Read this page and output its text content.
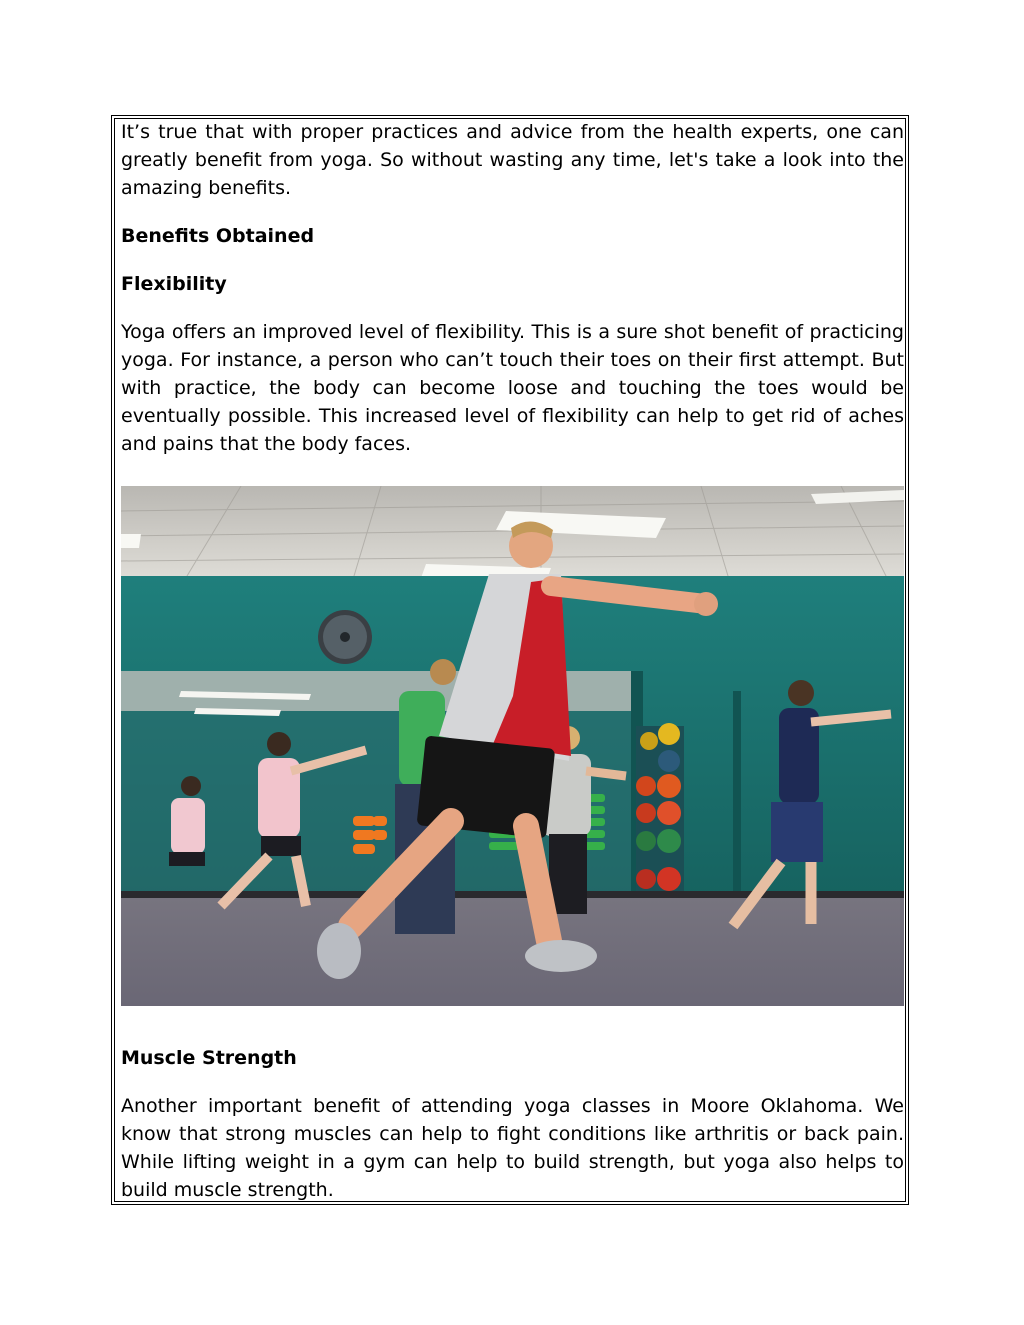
It’s true that with proper practices and advice from the health experts, one can greatly benefit from yoga. So without wasting any time, let's take a look into the amazing benefits.

Benefits Obtained
Flexibility

Yoga offers an improved level of flexibility. This is a sure shot benefit of practicing yoga. For instance, a person who can’t touch their toes on their first attempt. But with practice, the body can become loose and touching the toes would be eventually possible. This increased level of flexibility can help to get rid of aches and pains that the body faces.

Muscle Strength

Another important benefit of attending yoga classes in Moore Oklahoma. We know that strong muscles can help to fight conditions like arthritis or back pain. While lifting weight in a gym can help to build strength, but yoga also helps to build muscle strength.
